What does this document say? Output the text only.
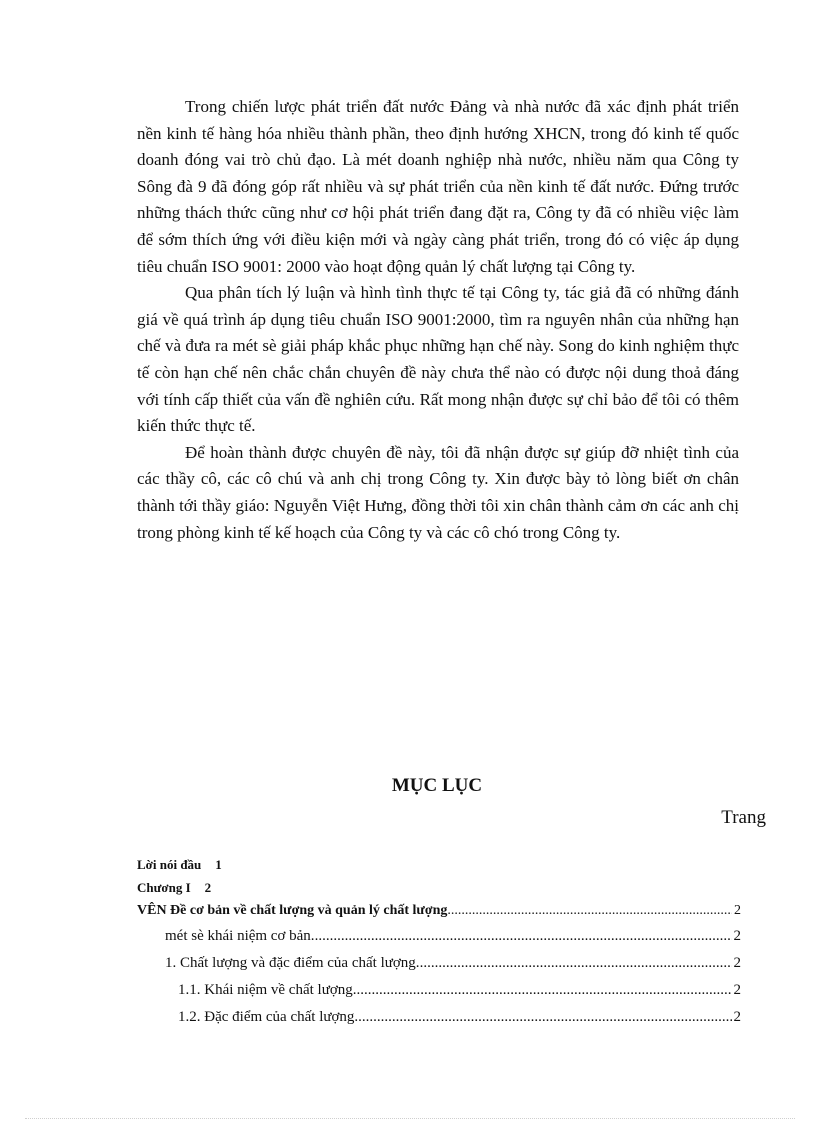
Trong chiến lược phát triển đất nước Đảng và nhà nước đã xác định phát triển nền kinh tế hàng hóa nhiều thành phần, theo định hướng XHCN, trong đó kinh tế quốc doanh đóng vai trò chủ đạo. Là mét doanh nghiệp nhà nước, nhiều năm qua Công ty Sông đà 9 đã đóng góp rất nhiều và sự phát triển của nền kinh tế đất nước. Đứng trước những thách thức cũng như cơ hội phát triển đang đặt ra, Công ty đã có nhiều việc làm để sớm thích ứng với điều kiện mới và ngày càng phát triển, trong đó có việc áp dụng tiêu chuẩn ISO 9001: 2000 vào hoạt động quản lý chất lượng tại Công ty.

Qua phân tích lý luận và hình tình thực tế tại Công ty, tác giả đã có những đánh giá về quá trình áp dụng tiêu chuẩn ISO 9001:2000, tìm ra nguyên nhân của những hạn chế và đưa ra mét sè giải pháp khắc phục những hạn chế này. Song do kinh nghiệm thực tế còn hạn chế nên chắc chắn chuyên đề này chưa thể nào có được nội dung thoả đáng với tính cấp thiết của vấn đề nghiên cứu. Rất mong nhận được sự chỉ bảo để tôi có thêm kiến thức thực tế.

Để hoàn thành được chuyên đề này, tôi đã nhận được sự giúp đỡ nhiệt tình của các thầy cô, các cô chú và anh chị trong Công ty. Xin được bày tỏ lòng biết ơn chân thành tới thầy giáo: Nguyễn Việt Hưng, đồng thời tôi xin chân thành cảm ơn các anh chị trong phòng kinh tế kế hoạch của Công ty và các cô chó trong Công ty.

MỤC LỤC
Trang
Lời nói đầu 1
Chương I 2
VÊN Đề cơ bản về chất lượng và quản lý chất lượng .....	2
mét sè khái niệm cơ bản. .....	2
1. Chất lượng và đặc điểm của chất lượng. .....	2
1.1. Khái niệm về chất lượng. .....	2
1.2. Đặc điểm của chất lượng. .....	2
